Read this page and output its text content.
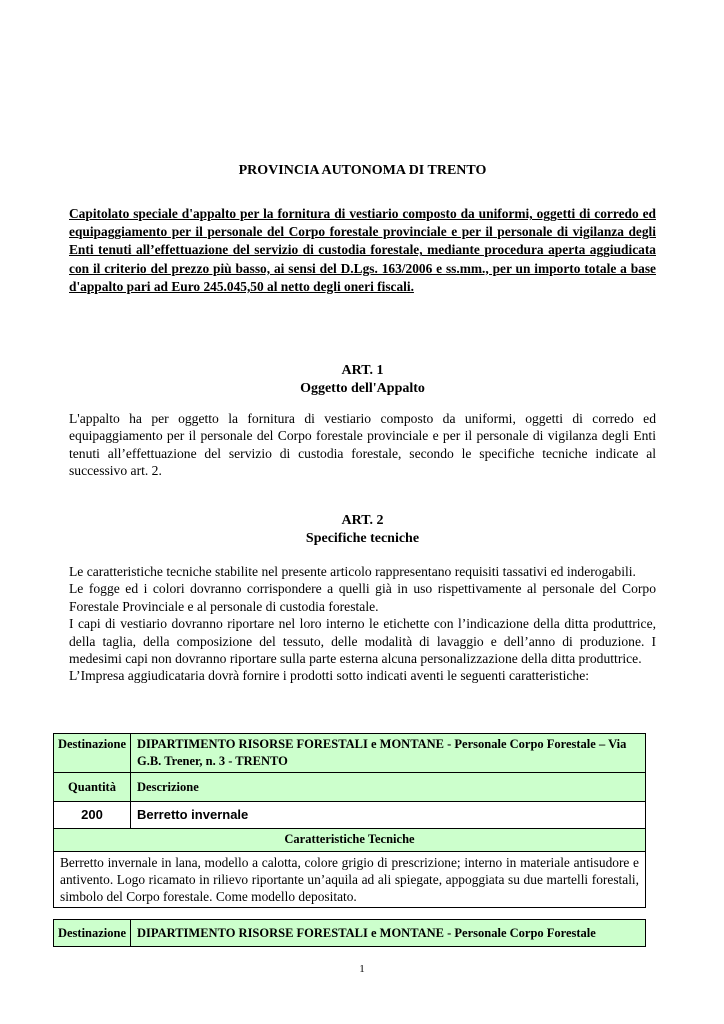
PROVINCIA AUTONOMA DI TRENTO
Capitolato speciale d'appalto per la fornitura di vestiario composto da uniformi, oggetti di corredo ed equipaggiamento per il personale del Corpo forestale provinciale e per il personale di vigilanza degli Enti tenuti all’effettuazione del servizio di custodia forestale, mediante procedura aperta aggiudicata con il criterio del prezzo più basso, ai sensi del D.Lgs. 163/2006 e ss.mm., per un importo totale a base d'appalto pari ad Euro 245.045,50 al netto degli oneri fiscali.
ART. 1
Oggetto dell'Appalto
L'appalto ha per oggetto la fornitura di vestiario composto da uniformi, oggetti di corredo ed equipaggiamento per il personale del Corpo forestale provinciale e per il personale di vigilanza degli Enti tenuti all’effettuazione del servizio di custodia forestale, secondo le specifiche tecniche indicate al successivo art. 2.
ART. 2
Specifiche tecniche

Le caratteristiche tecniche stabilite nel presente articolo rappresentano requisiti tassativi ed inderogabili.

Le fogge ed i colori dovranno corrispondere a quelli già in uso rispettivamente al personale del Corpo Forestale Provinciale e al personale di custodia forestale.

I capi di vestiario dovranno riportare nel loro interno le etichette con l’indicazione della ditta produttrice, della taglia, della composizione del tessuto, delle modalità di lavaggio e dell’anno di produzione. I medesimi capi non dovranno riportare sulla parte esterna alcuna personalizzazione della ditta produttrice.

L’Impresa aggiudicataria dovrà fornire i prodotti sotto indicati aventi le seguenti caratteristiche:

Destinazione	DIPARTIMENTO RISORSE FORESTALI e MONTANE - Personale Corpo Forestale – Via G.B. Trener, n. 3 - TRENTO
Quantità	Descrizione
200	Berretto invernale
Caratteristiche Tecniche	
Berretto invernale in lana, modello a calotta, colore grigio di prescrizione; interno in materiale antisudore e antivento. Logo ricamato in rilievo riportante un’aquila ad ali spiegate, appoggiata su due martelli forestali, simbolo del Corpo forestale. Come modello depositato.	
Destinazione	DIPARTIMENTO RISORSE FORESTALI e MONTANE - Personale Corpo Forestale
1
